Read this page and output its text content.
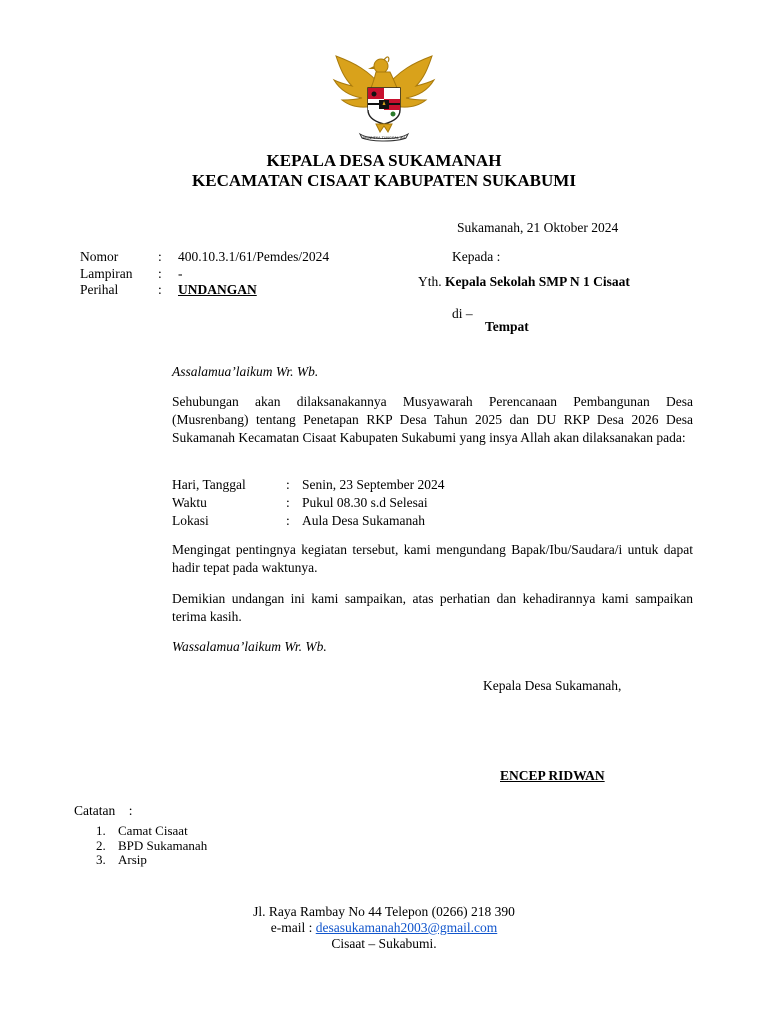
BHINNEKA TUNGGAL IKA
KEPALA DESA SUKAMANAH
KECAMATAN CISAAT KABUPATEN SUKABUMI
Sukamanah, 21 Oktober 2024
Nomor	: 400.10.3.1/61/Pemdes/2024
Lampiran : -
Perihal	: UNDANGAN
Kepada :
Yth. Kepala Sekolah SMP N 1 Cisaat
di –
Tempat
Assalamua’laikum Wr. Wb.
Sehubungan akan dilaksanakannya Musyawarah Perencanaan Pembangunan Desa (Musrenbang) tentang Penetapan RKP Desa Tahun 2025 dan DU RKP Desa 2026 Desa Sukamanah Kecamatan Cisaat Kabupaten Sukabumi yang insya Allah akan dilaksanakan pada:
Hari, Tanggal	: Senin, 23 September 2024
Waktu	: Pukul 08.30 s.d Selesai
Lokasi	: Aula Desa Sukamanah
Mengingat pentingnya kegiatan tersebut, kami mengundang Bapak/Ibu/Saudara/i untuk dapat hadir tepat pada waktunya.
Demikian undangan ini kami sampaikan, atas perhatian dan kehadirannya kami sampaikan terima kasih.
Wassalamua’laikum Wr. Wb.
Kepala Desa Sukamanah,
ENCEP RIDWAN
Catatan    :
1. Camat Cisaat
2. BPD Sukamanah
3. Arsip
Jl. Raya Rambay No 44 Telepon (0266) 218 390
e-mail : desasukamanah2003@gmail.com
Cisaat – Sukabumi.
